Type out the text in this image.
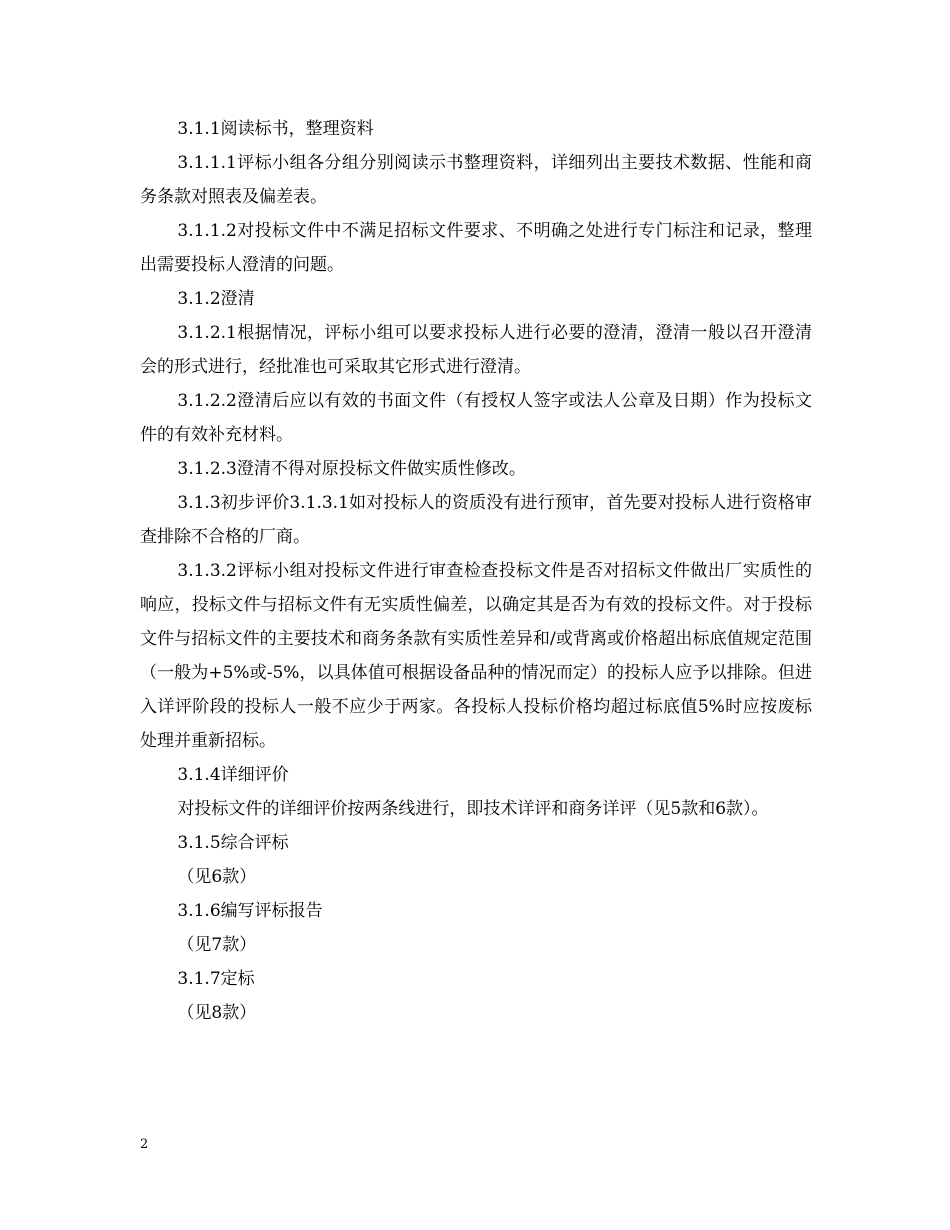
3.1.1阅读标书，整理资料

3.1.1.1评标小组各分组分别阅读示书整理资料，详细列出主要技术数据、性能和商务条款对照表及偏差表。

3.1.1.2对投标文件中不满足招标文件要求、不明确之处进行专门标注和记录，整理出需要投标人澄清的问题。

3.1.2澄清

3.1.2.1根据情况，评标小组可以要求投标人进行必要的澄清，澄清一般以召开澄清会的形式进行，经批准也可采取其它形式进行澄清。

3.1.2.2澄清后应以有效的书面文件（有授权人签字或法人公章及日期）作为投标文件的有效补充材料。

3.1.2.3澄清不得对原投标文件做实质性修改。

3.1.3初步评价3.1.3.1如对投标人的资质没有进行预审，首先要对投标人进行资格审查排除不合格的厂商。

3.1.3.2评标小组对投标文件进行审查检查投标文件是否对招标文件做出厂实质性的响应，投标文件与招标文件有无实质性偏差，以确定其是否为有效的投标文件。对于投标文件与招标文件的主要技术和商务条款有实质性差异和/或背离或价格超出标底值规定范围（一般为+5%或-5%，以具体值可根据设备品种的情况而定）的投标人应予以排除。但进入详评阶段的投标人一般不应少于两家。各投标人投标价格均超过标底值5%时应按废标处理并重新招标。

3.1.4详细评价

对投标文件的详细评价按两条线进行，即技术详评和商务详评（见5款和6款）。

3.1.5综合评标

（见6款）

3.1.6编写评标报告

（见7款）

3.1.7定标

（见8款）

2
